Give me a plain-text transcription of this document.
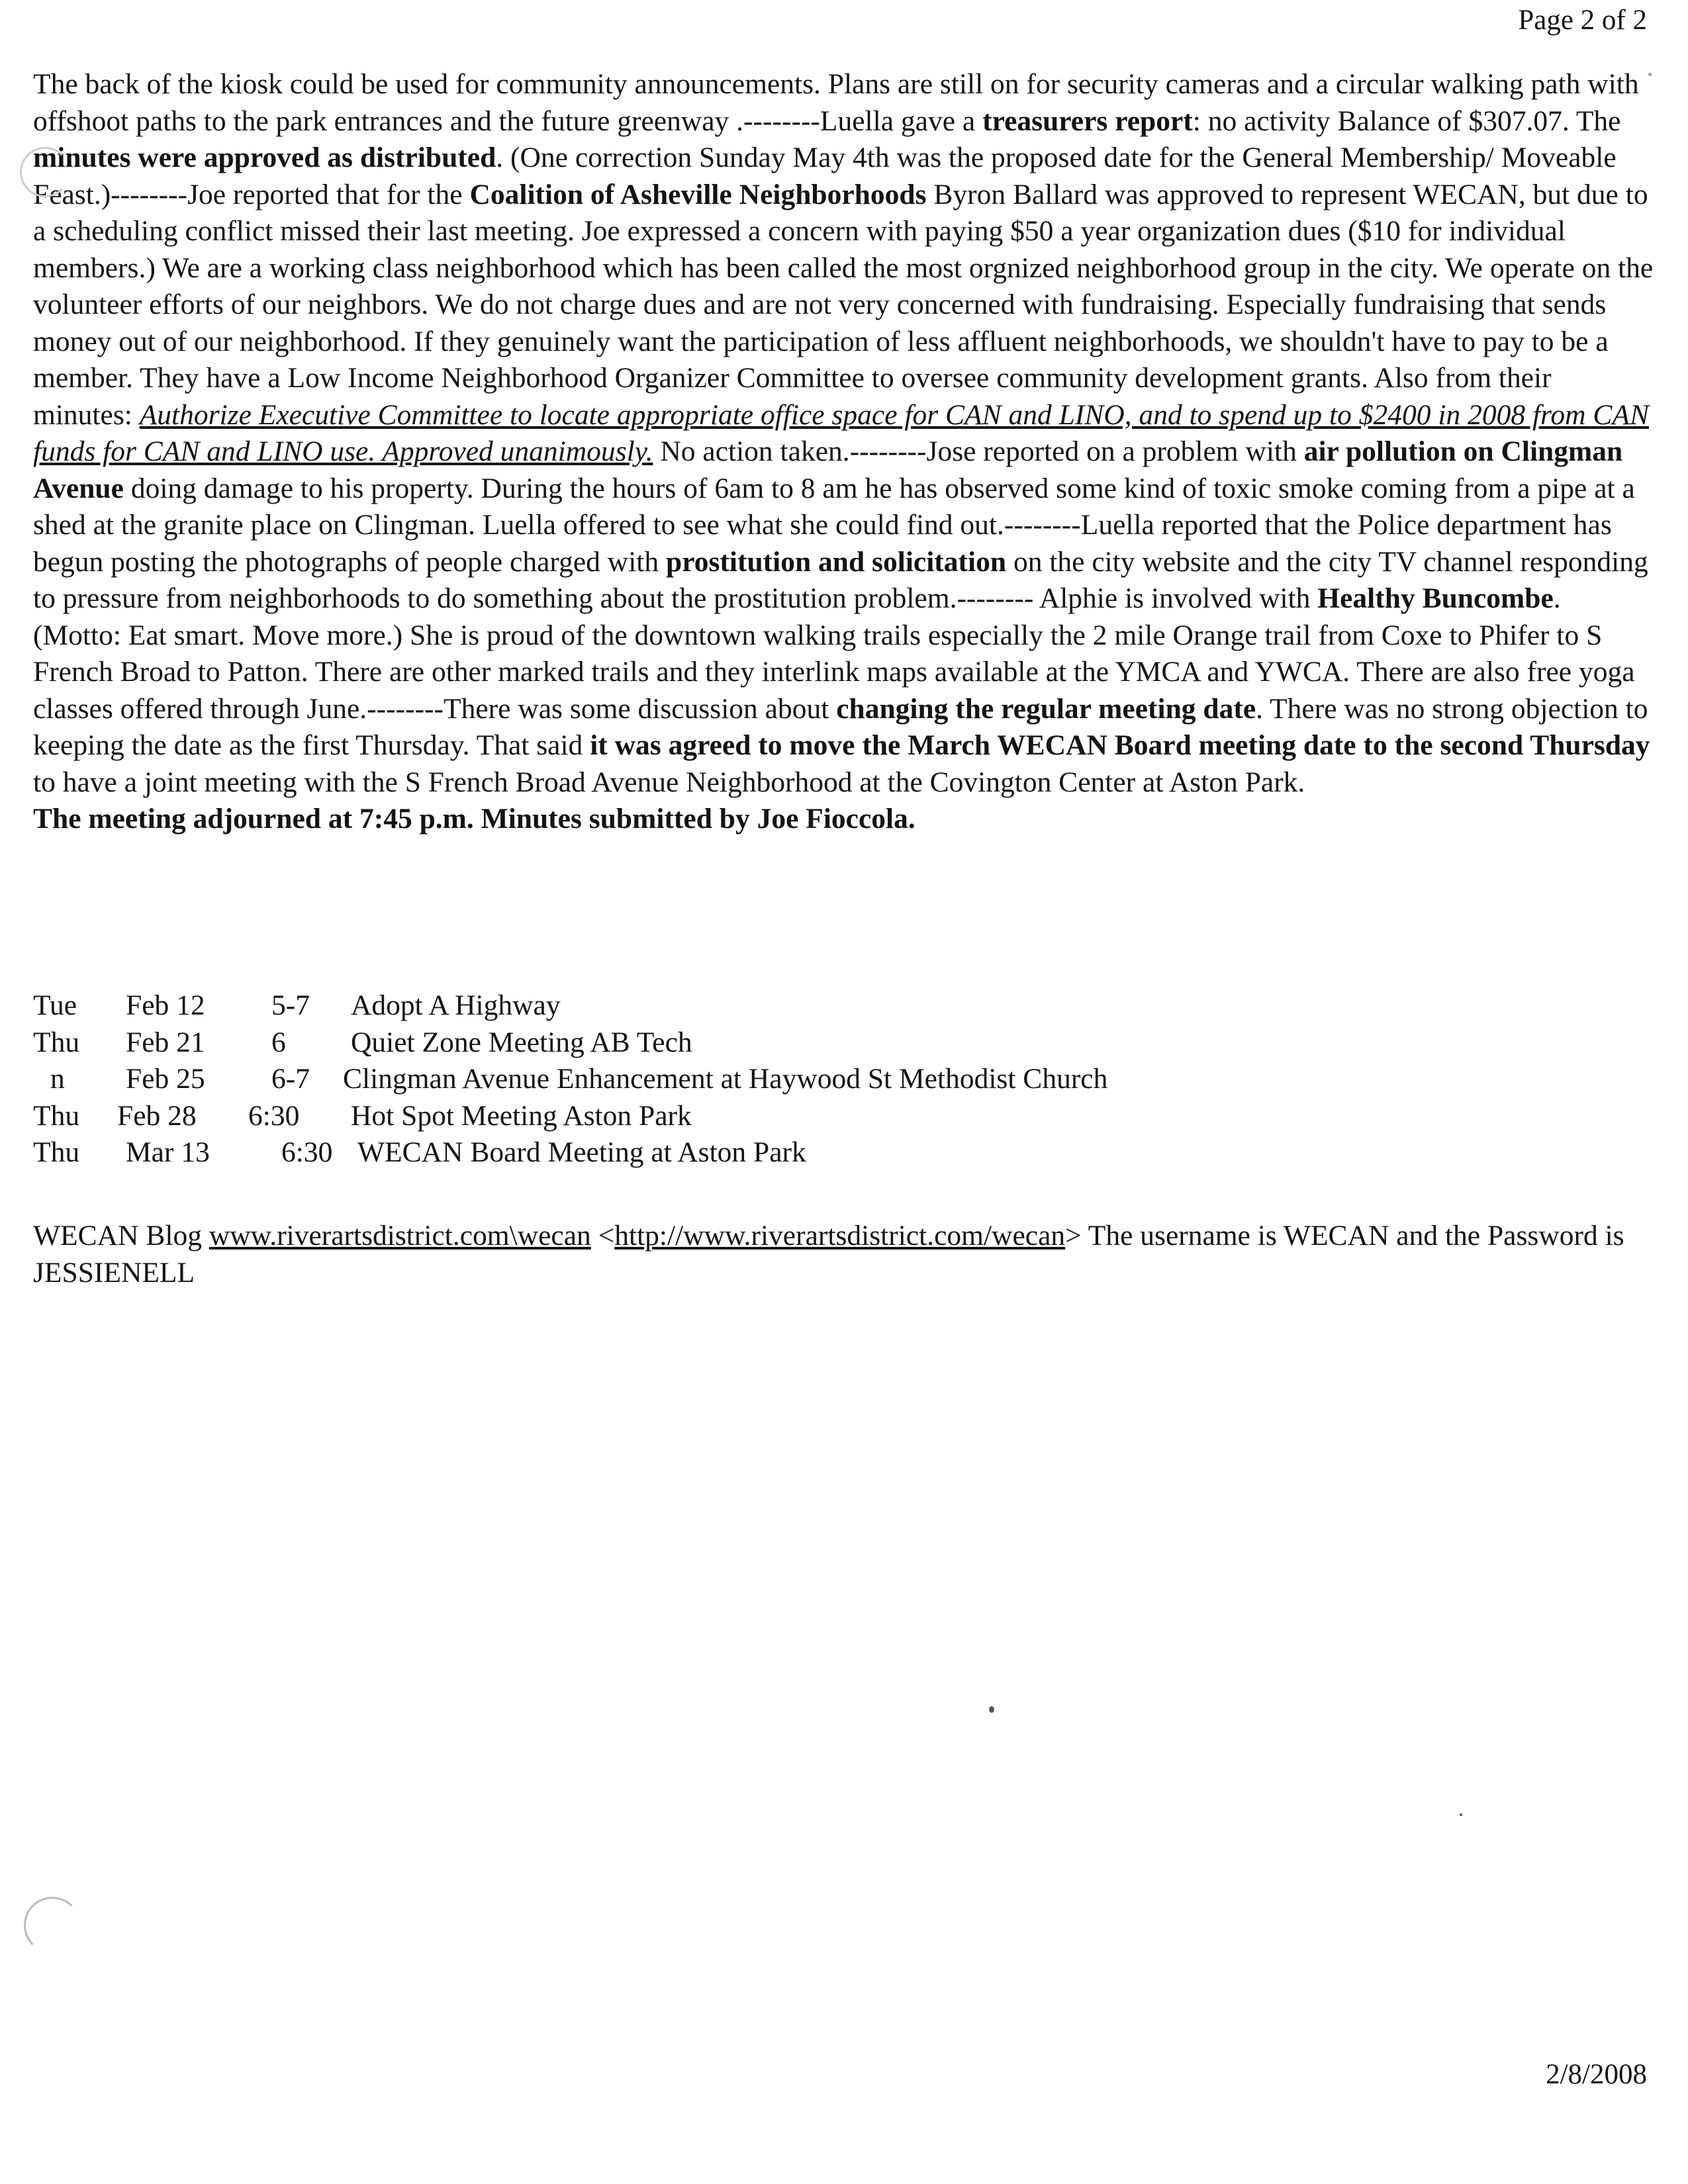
Page 2 of 2

The back of the kiosk could be used for community announcements. Plans are still on for security cameras and a circular walking path with offshoot paths to the park entrances and the future greenway .--------Luella gave a treasurers report: no activity Balance of $307.07. The minutes were approved as distributed. (One correction Sunday May 4th was the proposed date for the General Membership/ Moveable Feast.)--------Joe reported that for the Coalition of Asheville Neighborhoods Byron Ballard was approved to represent WECAN, but due to a scheduling conflict missed their last meeting. Joe expressed a concern with paying $50 a year organization dues ($10 for individual members.) We are a working class neighborhood which has been called the most orgnized neighborhood group in the city. We operate on the volunteer efforts of our neighbors. We do not charge dues and are not very concerned with fundraising. Especially fundraising that sends money out of our neighborhood. If they genuinely want the participation of less affluent neighborhoods, we shouldn't have to pay to be a member. They have a Low Income Neighborhood Organizer Committee to oversee community development grants. Also from their minutes: Authorize Executive Committee to locate appropriate office space for CAN and LINO, and to spend up to $2400 in 2008 from CAN funds for CAN and LINO use. Approved unanimously. No action taken.--------Jose reported on a problem with air pollution on Clingman Avenue doing damage to his property. During the hours of 6am to 8 am he has observed some kind of toxic smoke coming from a pipe at a shed at the granite place on Clingman. Luella offered to see what she could find out.--------Luella reported that the Police department has begun posting the photographs of people charged with prostitution and solicitation on the city website and the city TV channel responding to pressure from neighborhoods to do something about the prostitution problem.-------- Alphie is involved with Healthy Buncombe. (Motto: Eat smart. Move more.) She is proud of the downtown walking trails especially the 2 mile Orange trail from Coxe to Phifer to S French Broad to Patton. There are other marked trails and they interlink maps available at the YMCA and YWCA. There are also free yoga classes offered through June.--------There was some discussion about changing the regular meeting date. There was no strong objection to keeping the date as the first Thursday. That said it was agreed to move the March WECAN Board meeting date to the second Thursday to have a joint meeting with the S French Broad Avenue Neighborhood at the Covington Center at Aston Park.
The meeting adjourned at 7:45 p.m. Minutes submitted by Joe Fioccola.

Tue Feb 12 5-7 Adopt A Highway
Thu Feb 21 6 Quiet Zone Meeting AB Tech
n Feb 25 6-7 Clingman Avenue Enhancement at Haywood St Methodist Church
Thu Feb 28 6:30 Hot Spot Meeting Aston Park
Thu Mar 13 6:30 WECAN Board Meeting at Aston Park
WECAN Blog www.riverartsdistrict.com\wecan <http://www.riverartsdistrict.com/wecan> The username is WECAN and the Password is JESSIENELL
2/8/2008
